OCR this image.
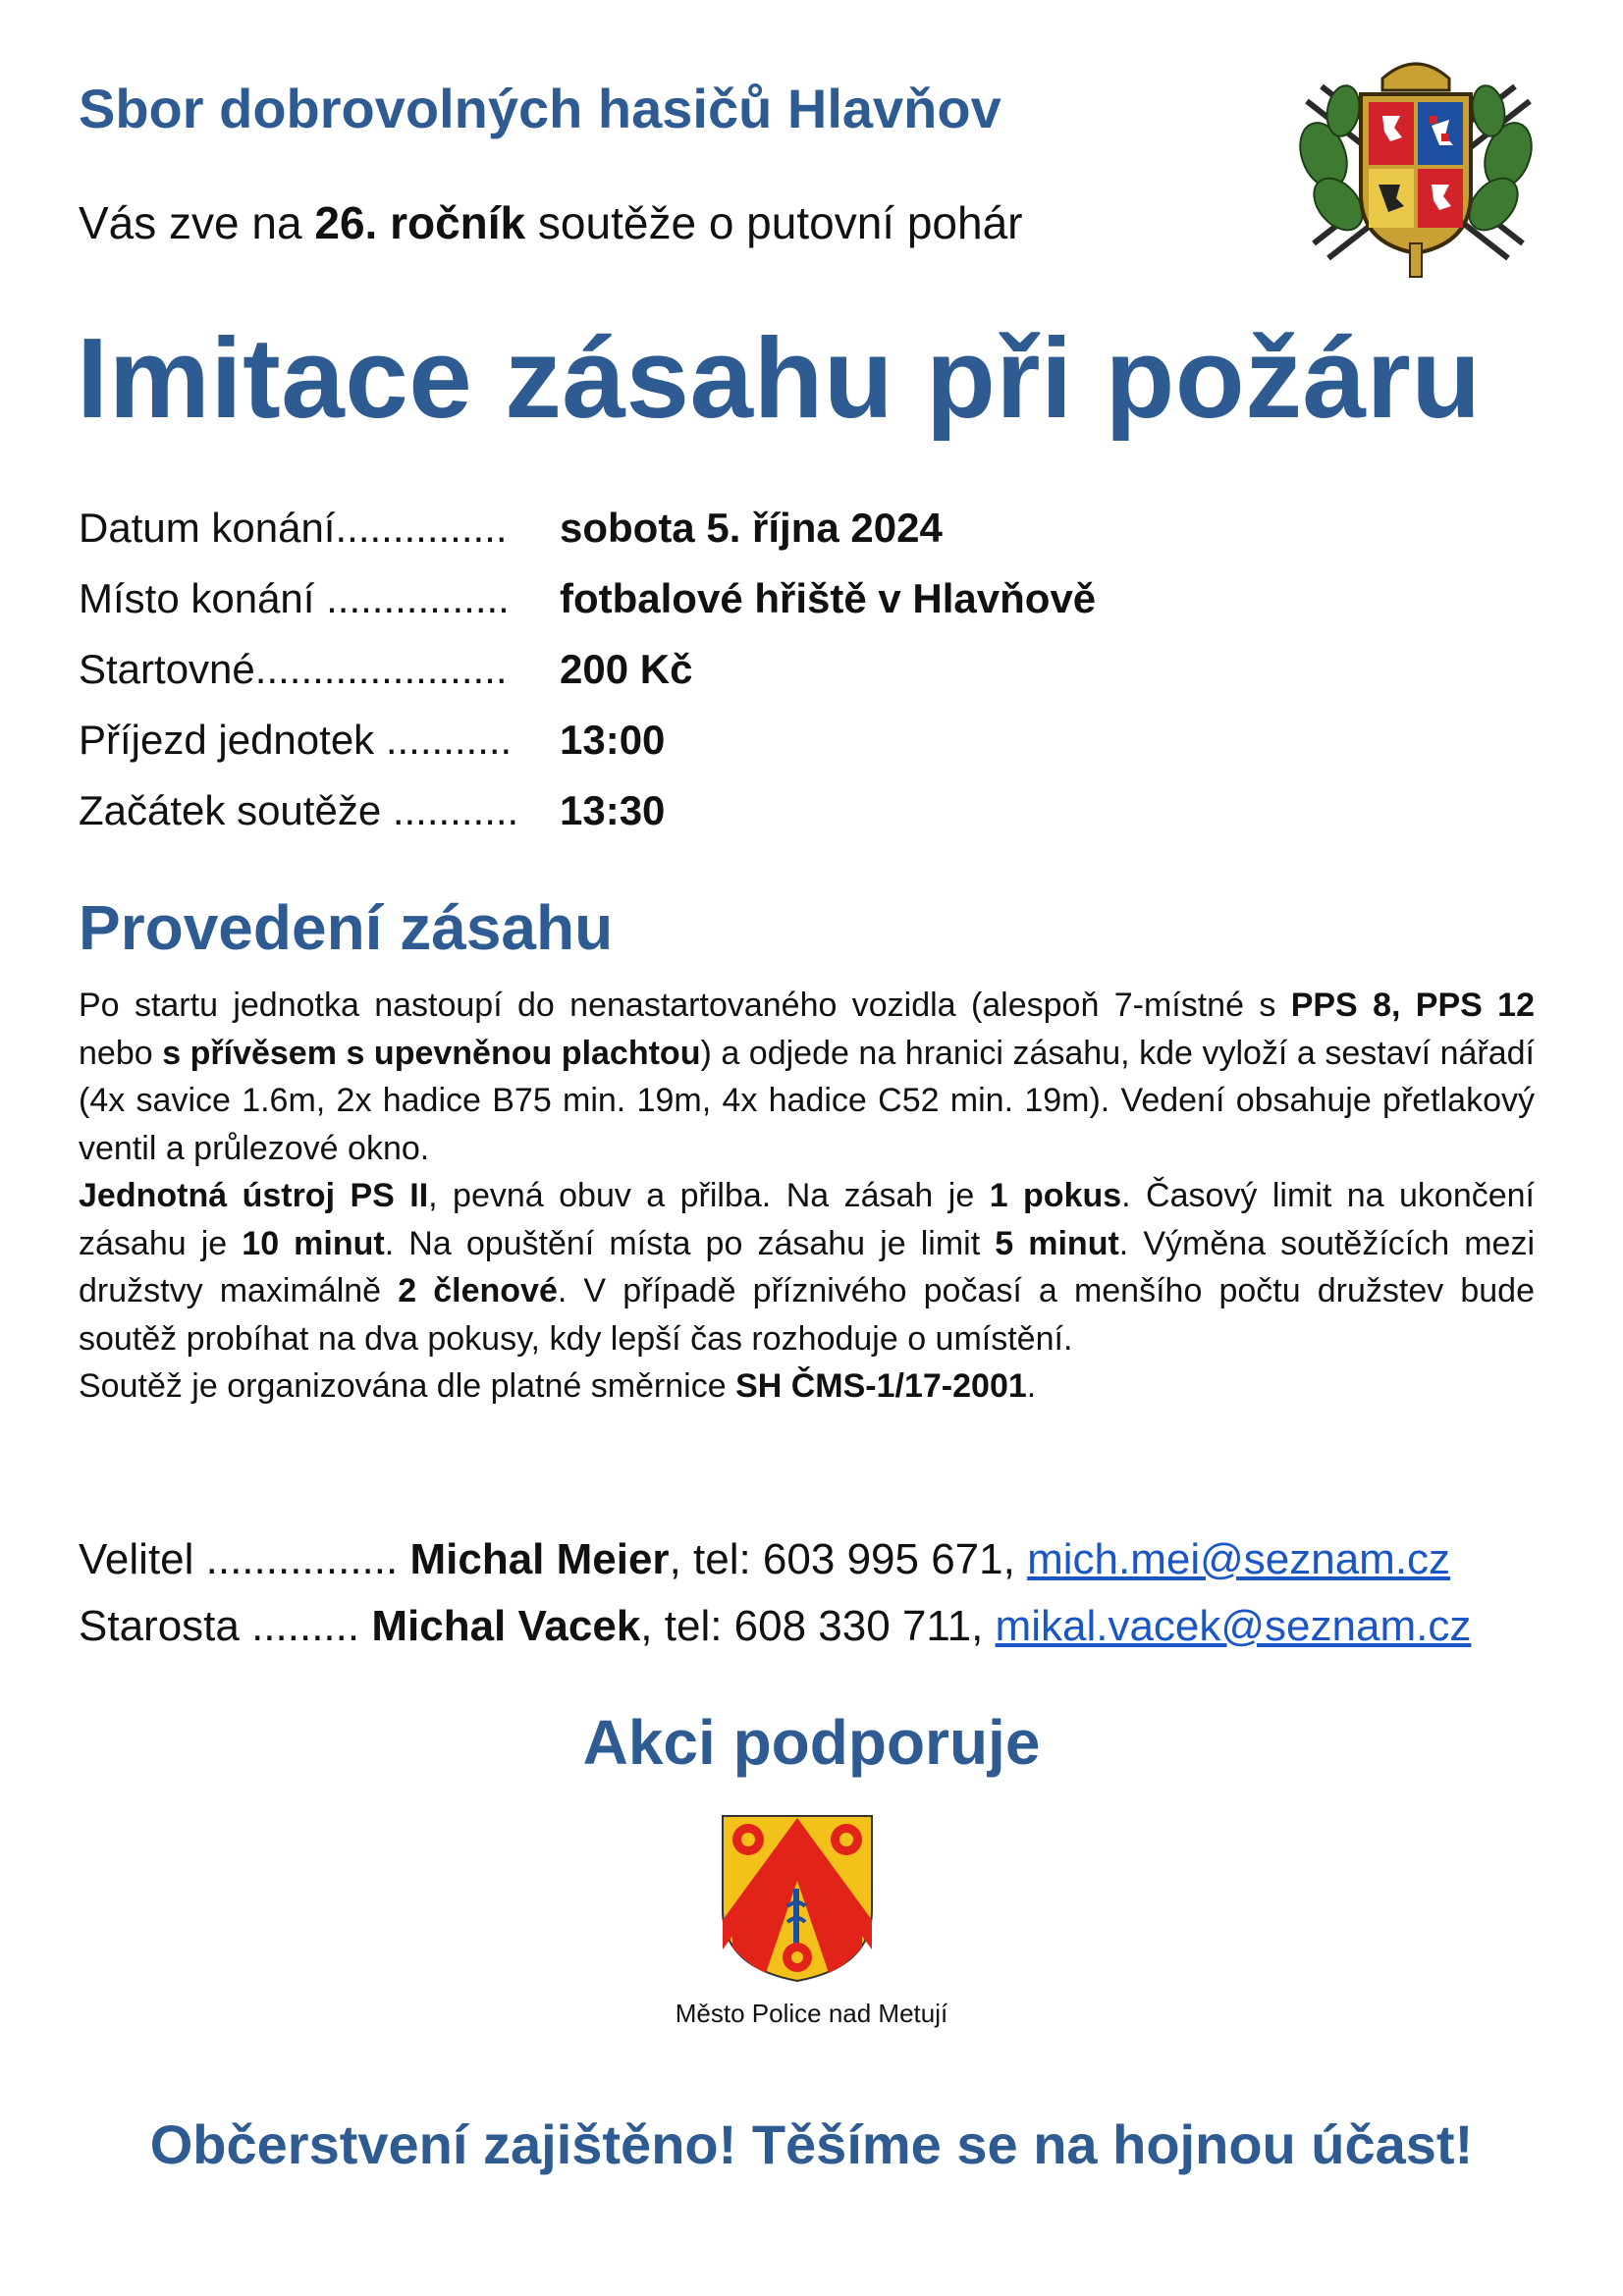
Sbor dobrovolných hasičů Hlavňov

Vás zve na 26. ročník soutěže o putovní pohár

Imitace zásahu při požáru
Datum konání............... sobota 5. října 2024
Místo konání ................ fotbalové hřiště v Hlavňově
Startovné...................... 200 Kč
Příjezd jednotek ........... 13:00
Začátek soutěže ........... 13:30
Provedení zásahu

Po startu jednotka nastoupí do nenastartovaného vozidla (alespoň 7-místné s PPS 8, PPS 12 nebo s přívěsem s upevněnou plachtou) a odjede na hranici zásahu, kde vyloží a sestaví nářadí (4x savice 1.6m, 2x hadice B75 min. 19m, 4x hadice C52 min. 19m). Vedení obsahuje přetlakový ventil a průlezové okno.

Jednotná ústroj PS II, pevná obuv a přilba. Na zásah je 1 pokus. Časový limit na ukončení zásahu je 10 minut. Na opuštění místa po zásahu je limit 5 minut. Výměna soutěžících mezi družstvy maximálně 2 členové. V případě příznivého počasí a menšího počtu družstev bude soutěž probíhat na dva pokusy, kdy lepší čas rozhoduje o umístění.

Soutěž je organizována dle platné směrnice SH ČMS-1/17-2001.

Velitel ................ Michal Meier, tel: 603 995 671, mich.mei@seznam.cz
Starosta ......... Michal Vacek, tel: 608 330 711, mikal.vacek@seznam.cz
Akci podporuje
Město Police nad Metují
Občerstvení zajištěno! Těšíme se na hojnou účast!
